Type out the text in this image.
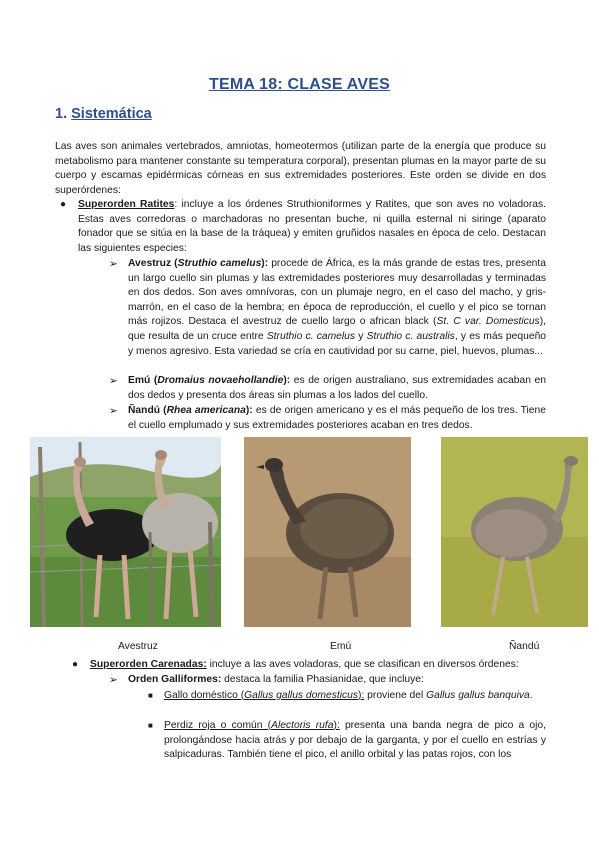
TEMA 18: CLASE AVES
1. Sistemática
Las aves son animales vertebrados, amniotas, homeotermos (utilizan parte de la energía que produce su metabolismo para mantener constante su temperatura corporal), presentan plumas en la mayor parte de su cuerpo y escamas epidérmicas córneas en sus extremidades posteriores. Este orden se divide en dos superórdenes:
● Superorden Ratites: incluye a los órdenes Struthioniformes y Ratites, que son aves no voladoras. Estas aves corredoras o marchadoras no presentan buche, ni quilla esternal ni siringe (aparato fonador que se sitúa en la base de la tráquea) y emiten gruñidos nasales en época de celo. Destacan las siguientes especies:
➢ Avestruz (Struthio camelus): procede de África, es la más grande de estas tres, presenta un largo cuello sin plumas y las extremidades posteriores muy desarrolladas y terminadas en dos dedos. Son aves omnívoras, con un plumaje negro, en el caso del macho, y gris-marrón, en el caso de la hembra; en época de reproducción, el cuello y el pico se tornan más rojizos. Destaca el avestruz de cuello largo o african black (St. C var. Domesticus), que resulta de un cruce entre Struthio c. camelus y Struthio c. australis, y es más pequeño y menos agresivo. Esta variedad se cría en cautividad por su carne, piel, huevos, plumas...
➢ Emú (Dromaius novaehollandie): es de origen australiano, sus extremidades acaban en dos dedos y presenta dos áreas sin plumas a los lados del cuello.
➢ Ñandú (Rhea americana): es de origen americano y es el más pequeño de los tres. Tiene el cuello emplumado y sus extremidades posteriores acaban en tres dedos.
Avestruz	Emú	Ñandú
● Superorden Carenadas: incluye a las aves voladoras, que se clasifican en diversos órdenes:
➢ Orden Galliformes: destaca la familia Phasianidae, que incluye:
■ Gallo doméstico (Gallus gallus domesticus): proviene del Gallus gallus banquiva.
■ Perdiz roja o común (Alectoris rufa): presenta una banda negra de pico a ojo, prolongándose hacia atrás y por debajo de la garganta, y por el cuello en estrías y salpicaduras. También tiene el pico, el anillo orbital y las patas rojos, con los
